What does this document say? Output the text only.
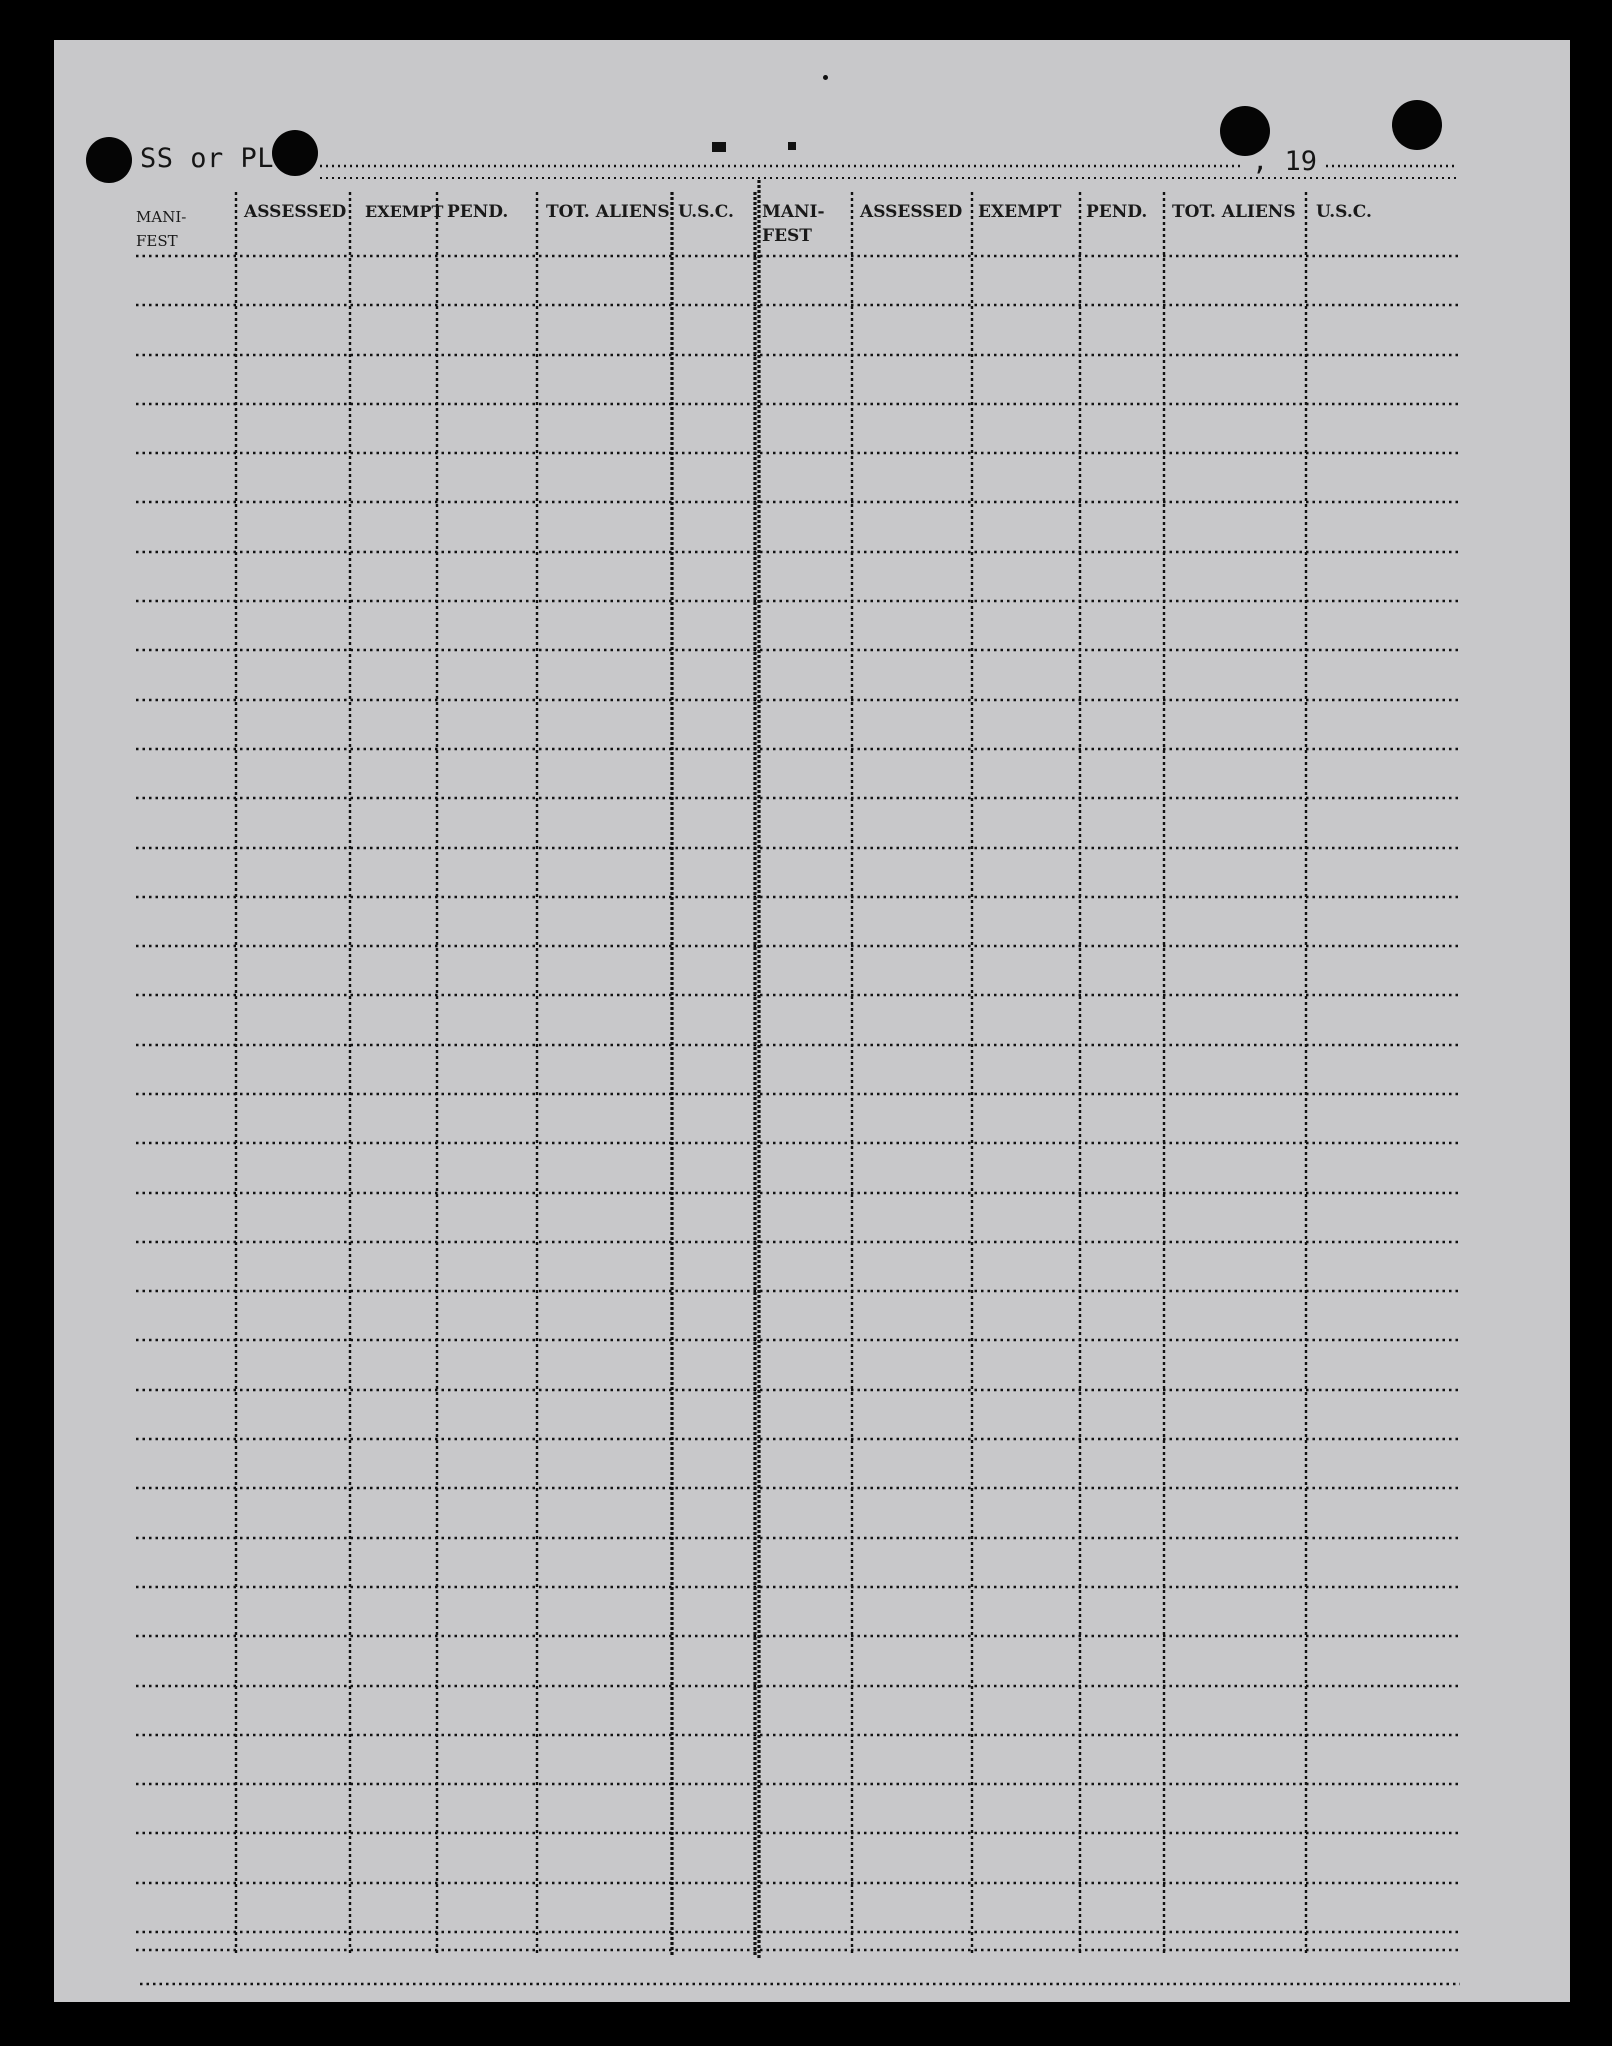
SS or PL	, 19
MANI-
FEST
ASSESSED EXEMPT PEND. TOT. ALIENS U.S.C. MANI-
FEST
ASSESSED EXEMPT PEND. TOT. ALIENS U.S.C.
